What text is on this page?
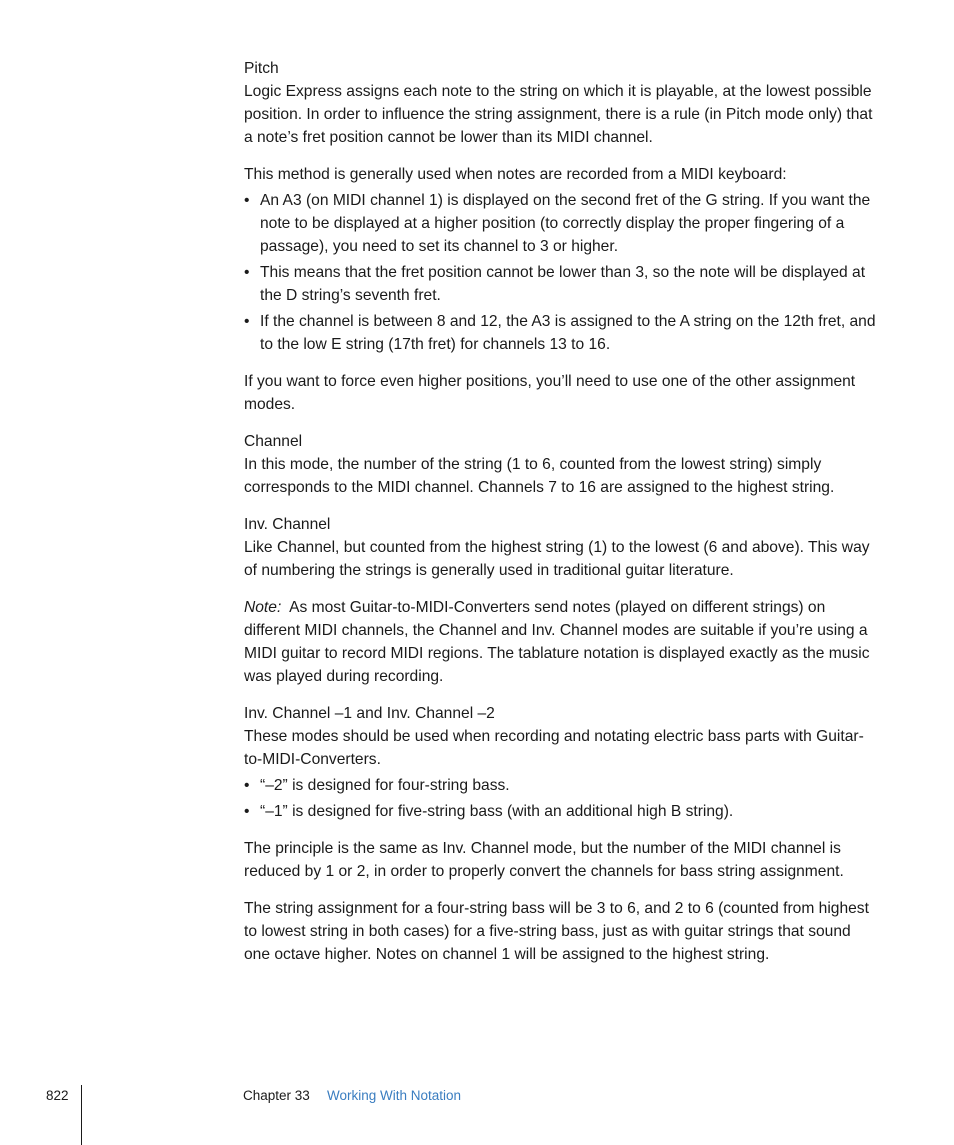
Pitch

Logic Express assigns each note to the string on which it is playable, at the lowest possible position. In order to influence the string assignment, there is a rule (in Pitch mode only) that a note’s fret position cannot be lower than its MIDI channel.

This method is generally used when notes are recorded from a MIDI keyboard:

• An A3 (on MIDI channel 1) is displayed on the second fret of the G string. If you want the note to be displayed at a higher position (to correctly display the proper fingering of a passage), you need to set its channel to 3 or higher.
• This means that the fret position cannot be lower than 3, so the note will be displayed at the D string’s seventh fret.
• If the channel is between 8 and 12, the A3 is assigned to the A string on the 12th fret, and to the low E string (17th fret) for channels 13 to 16.

If you want to force even higher positions, you’ll need to use one of the other assignment modes.

Channel

In this mode, the number of the string (1 to 6, counted from the lowest string) simply corresponds to the MIDI channel. Channels 7 to 16 are assigned to the highest string.

Inv. Channel

Like Channel, but counted from the highest string (1) to the lowest (6 and above). This way of numbering the strings is generally used in traditional guitar literature.

Note: As most Guitar-to-MIDI-Converters send notes (played on different strings) on different MIDI channels, the Channel and Inv. Channel modes are suitable if you’re using a MIDI guitar to record MIDI regions. The tablature notation is displayed exactly as the music was played during recording.

Inv. Channel –1 and Inv. Channel –2

These modes should be used when recording and notating electric bass parts with Guitar-to-MIDI-Converters.

• “–2” is designed for four-string bass.
• “–1” is designed for five-string bass (with an additional high B string).

The principle is the same as Inv. Channel mode, but the number of the MIDI channel is reduced by 1 or 2, in order to properly convert the channels for bass string assignment.

The string assignment for a four-string bass will be 3 to 6, and 2 to 6 (counted from highest to lowest string in both cases) for a five-string bass, just as with guitar strings that sound one octave higher. Notes on channel 1 will be assigned to the highest string.

822	Chapter 33 Working With Notation
